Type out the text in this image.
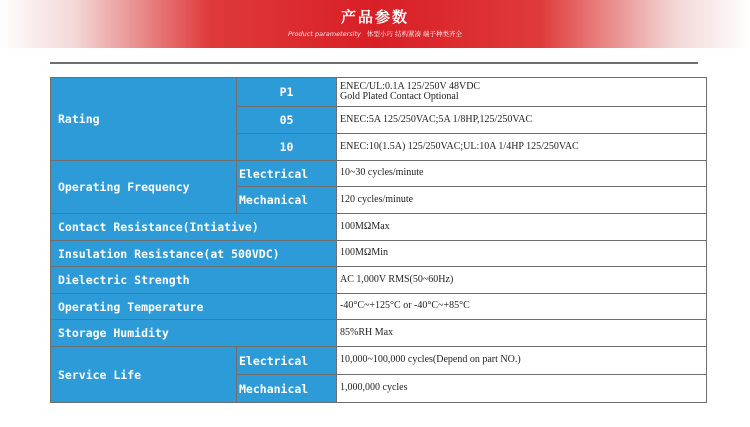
产品参数
Product parametersity 体型小巧 结构紧凑 端子种类齐全
Rating	P1	ENEC/UL:0.1A 125/250V 48VDC
Gold Plated Contact Optional

	05	ENEC:5A 125/250VAC;5A 1/8HP,125/250VAC
	10	ENEC:10(1.5A) 125/250VAC;UL:10A 1/4HP 125/250VAC
Operating Frequency	Electrical	10~30 cycles/minute
	Mechanical	120 cycles/minute
Contact Resistance(Intiative)		100MΩMax
Insulation Resistance(at 500VDC)		100MΩMin
Dielectric Strength		AC 1,000V RMS(50~60Hz)
Operating Temperature		-40°C~+125°C or -40°C~+85°C
Storage Humidity		85%RH Max
Service Life	Electrical	10,000~100,000 cycles(Depend on part NO.)
	Mechanical	1,000,000 cycles
